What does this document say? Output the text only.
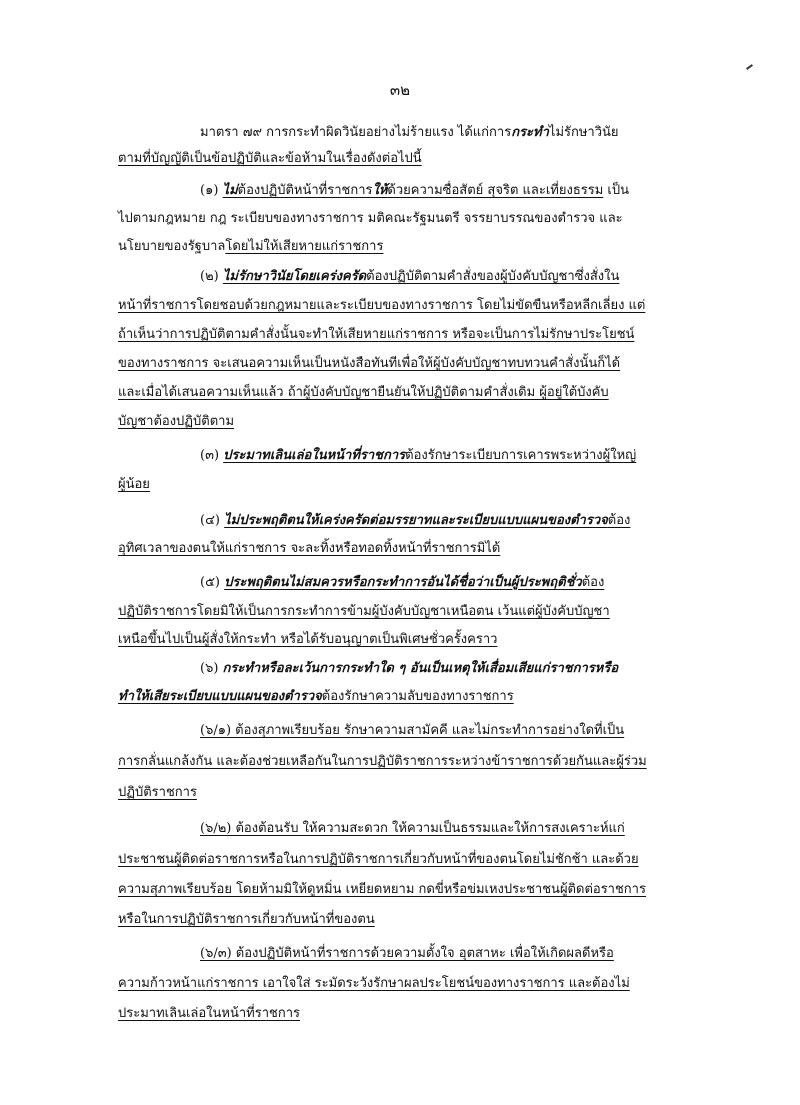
๓๒
มาตรา ๗๙ การกระทำผิดวินัยอย่างไม่ร้ายแรง ได้แก่การกระทำไม่รักษาวินัย
ตามที่บัญญัติเป็นข้อปฏิบัติและข้อห้ามในเรื่องดังต่อไปนี้
(๑) ไม่ต้องปฏิบัติหน้าที่ราชการให้ด้วยความซื่อสัตย์ สุจริต และเที่ยงธรรม เป็น
ไปตามกฎหมาย กฎ ระเบียบของทางราชการ มติคณะรัฐมนตรี จรรยาบรรณของตำรวจ และ
นโยบายของรัฐบาลโดยไม่ให้เสียหายแก่ราชการ
(๒) ไม่รักษาวินัยโดยเคร่งครัดต้องปฏิบัติตามคำสั่งของผู้บังคับบัญชาซึ่งสั่งใน
หน้าที่ราชการโดยชอบด้วยกฎหมายและระเบียบของทางราชการ โดยไม่ขัดขืนหรือหลีกเลี่ยง แต่
ถ้าเห็นว่าการปฏิบัติตามคำสั่งนั้นจะทำให้เสียหายแก่ราชการ หรือจะเป็นการไม่รักษาประโยชน์
ของทางราชการ จะเสนอความเห็นเป็นหนังสือทันทีเพื่อให้ผู้บังคับบัญชาทบทวนคำสั่งนั้นก็ได้
และเมื่อได้เสนอความเห็นแล้ว ถ้าผู้บังคับบัญชายืนยันให้ปฏิบัติตามคำสั่งเดิม ผู้อยู่ใต้บังคับ
บัญชาต้องปฏิบัติตาม
(๓) ประมาทเลินเล่อในหน้าที่ราชการต้องรักษาระเบียบการเคารพระหว่างผู้ใหญ่
ผู้น้อย
(๔) ไม่ประพฤติตนให้เคร่งครัดต่อมรรยาทและระเบียบแบบแผนของตำรวจต้อง
อุทิศเวลาของตนให้แก่ราชการ จะละทิ้งหรือทอดทิ้งหน้าที่ราชการมิได้
(๕) ประพฤติตนไม่สมควรหรือกระทำการอันได้ชื่อว่าเป็นผู้ประพฤติชั่วต้อง
ปฏิบัติราชการโดยมิให้เป็นการกระทำการข้ามผู้บังคับบัญชาเหนือตน เว้นแต่ผู้บังคับบัญชา
เหนือขึ้นไปเป็นผู้สั่งให้กระทำ หรือได้รับอนุญาตเป็นพิเศษชั่วครั้งคราว
(๖) กระทำหรือละเว้นการกระทำใด ๆ อันเป็นเหตุให้เสื่อมเสียแก่ราชการหรือ
ทำให้เสียระเบียบแบบแผนของตำรวจต้องรักษาความลับของทางราชการ
(๖/๑) ต้องสุภาพเรียบร้อย รักษาความสามัคคี และไม่กระทำการอย่างใดที่เป็น
การกลั่นแกล้งกัน และต้องช่วยเหลือกันในการปฏิบัติราชการระหว่างข้าราชการด้วยกันและผู้ร่วม
ปฏิบัติราชการ
(๖/๒) ต้องต้อนรับ ให้ความสะดวก ให้ความเป็นธรรมและให้การสงเคราะห์แก่
ประชาชนผู้ติดต่อราชการหรือในการปฏิบัติราชการเกี่ยวกับหน้าที่ของตนโดยไม่ชักช้า และด้วย
ความสุภาพเรียบร้อย โดยห้ามมิให้ดูหมิ่น เหยียดหยาม กดขี่หรือข่มเหงประชาชนผู้ติดต่อราชการ
หรือในการปฏิบัติราชการเกี่ยวกับหน้าที่ของตน
(๖/๓) ต้องปฏิบัติหน้าที่ราชการด้วยความตั้งใจ อุตสาหะ เพื่อให้เกิดผลดีหรือ
ความก้าวหน้าแก่ราชการ เอาใจใส่ ระมัดระวังรักษาผลประโยชน์ของทางราชการ และต้องไม่
ประมาทเลินเล่อในหน้าที่ราชการ
